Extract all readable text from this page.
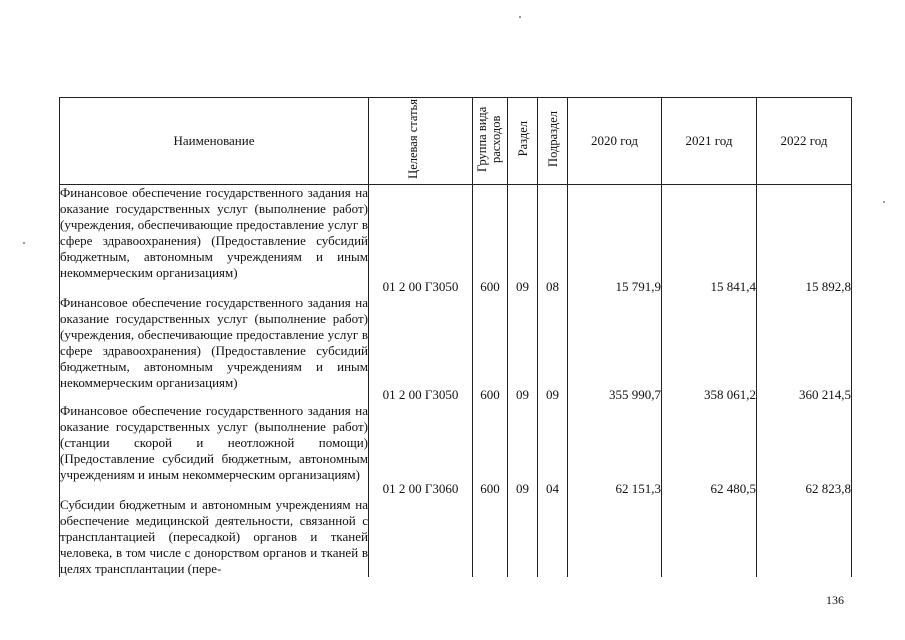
Наименование	Целевая статья	Группа вида расходов	Раздел	Подраздел	2020 год	2021 год	2022 год
Финансовое обеспечение государственного задания на оказание государственных услуг (выполнение работ) (учреждения, обеспечивающие предоставление услуг в сфере здравоохранения) (Предоставление субсидий бюджетным, автономным учреждениям и иным некоммерческим организациям)	01 2 00 Г3050	600	09	08	15 791,9	15 841,4	15 892,8
Финансовое обеспечение государственного задания на оказание государственных услуг (выполнение работ) (учреждения, обеспечивающие предоставление услуг в сфере здравоохранения) (Предоставление субсидий бюджетным, автономным учреждениям и иным некоммерческим организациям)	01 2 00 Г3050	600	09	09	355 990,7	358 061,2	360 214,5
Финансовое обеспечение государственного задания на оказание государственных услуг (выполнение работ) (станции скорой и неотложной помощи) (Предоставление субсидий бюджетным, автономным учреждениям и иным некоммерческим организациям)	01 2 00 Г3060	600	09	04	62 151,3	62 480,5	62 823,8
Субсидии бюджетным и автономным учреждениям на обеспечение медицинской деятельности, связанной с трансплантацией (пересадкой) органов и тканей человека, в том числе с донорством органов и тканей в целях трансплантации (пере-							
136
